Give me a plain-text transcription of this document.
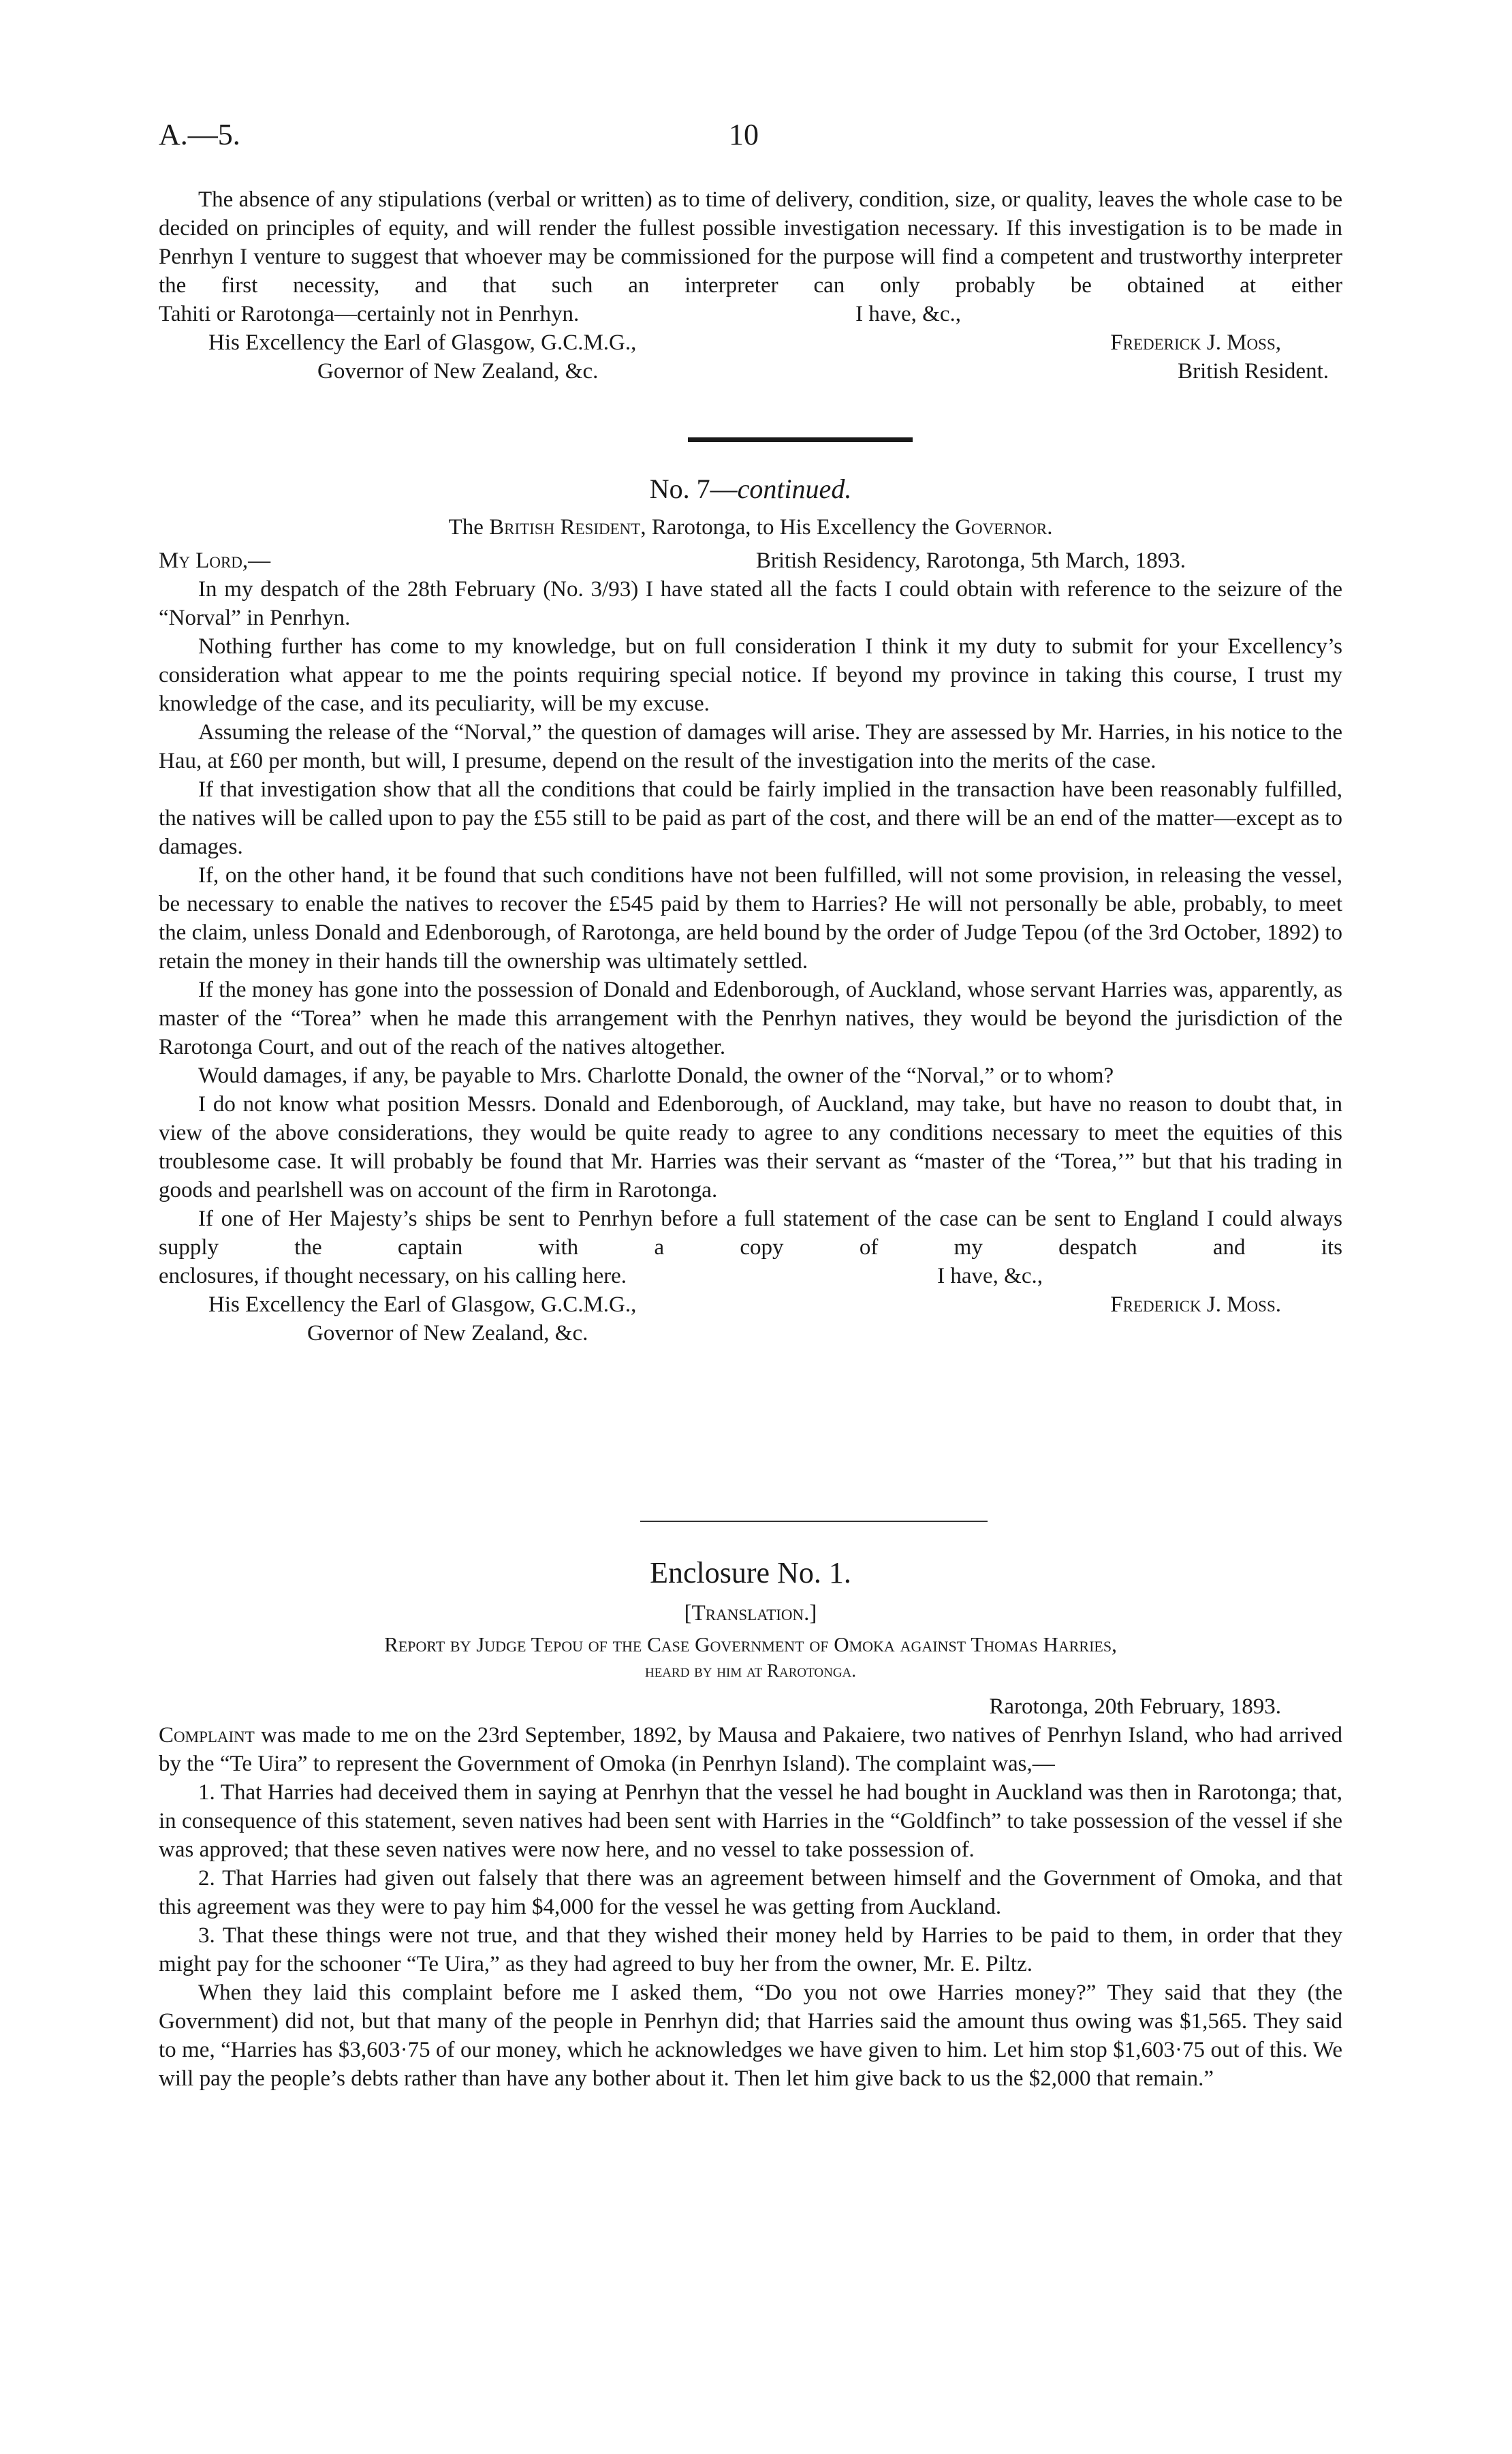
A.—5.	10

The absence of any stipulations (verbal or written) as to time of delivery, condition, size, or quality, leaves the whole case to be decided on principles of equity, and will render the fullest possible investigation necessary. If this investigation is to be made in Penrhyn I venture to suggest that whoever may be commissioned for the purpose will find a competent and trustworthy interpreter the first necessity, and that such an interpreter can only probably be obtained at either

Tahiti or Rarotonga—certainly not in Penrhyn.	I have, &c.,
His Excellency the Earl of Glasgow, G.C.M.G.,	Frederick J. Moss,
Governor of New Zealand, &c.	British Resident.
No. 7—continued.
The British Resident, Rarotonga, to His Excellency the Governor.
My Lord,—	British Residency, Rarotonga, 5th March, 1893.

In my despatch of the 28th February (No. 3/93) I have stated all the facts I could obtain with reference to the seizure of the “Norval” in Penrhyn.

Nothing further has come to my knowledge, but on full consideration I think it my duty to submit for your Excellency’s consideration what appear to me the points requiring special notice. If beyond my province in taking this course, I trust my knowledge of the case, and its peculiarity, will be my excuse.

Assuming the release of the “Norval,” the question of damages will arise. They are assessed by Mr. Harries, in his notice to the Hau, at £60 per month, but will, I presume, depend on the result of the investigation into the merits of the case.

If that investigation show that all the conditions that could be fairly implied in the transaction have been reasonably fulfilled, the natives will be called upon to pay the £55 still to be paid as part of the cost, and there will be an end of the matter—except as to damages.

If, on the other hand, it be found that such conditions have not been fulfilled, will not some provision, in releasing the vessel, be necessary to enable the natives to recover the £545 paid by them to Harries? He will not personally be able, probably, to meet the claim, unless Donald and Edenborough, of Rarotonga, are held bound by the order of Judge Tepou (of the 3rd October, 1892) to retain the money in their hands till the ownership was ultimately settled.

If the money has gone into the possession of Donald and Edenborough, of Auckland, whose servant Harries was, apparently, as master of the “Torea” when he made this arrangement with the Penrhyn natives, they would be beyond the jurisdiction of the Rarotonga Court, and out of the reach of the natives altogether.

Would damages, if any, be payable to Mrs. Charlotte Donald, the owner of the “Norval,” or to whom?

I do not know what position Messrs. Donald and Edenborough, of Auckland, may take, but have no reason to doubt that, in view of the above considerations, they would be quite ready to agree to any conditions necessary to meet the equities of this troublesome case. It will probably be found that Mr. Harries was their servant as “master of the ‘Torea,’” but that his trading in goods and pearlshell was on account of the firm in Rarotonga.

If one of Her Majesty’s ships be sent to Penrhyn before a full statement of the case can be sent to England I could always supply the captain with a copy of my despatch and its

enclosures, if thought necessary, on his calling here.	I have, &c.,
His Excellency the Earl of Glasgow, G.C.M.G.,	Frederick J. Moss.
Governor of New Zealand, &c.
Enclosure No. 1.
[Translation.]
Report by Judge Tepou of the Case Government of Omoka against Thomas Harries,
heard by him at Rarotonga.
Rarotonga, 20th February, 1893.

Complaint was made to me on the 23rd September, 1892, by Mausa and Pakaiere, two natives of Penrhyn Island, who had arrived by the “Te Uira” to represent the Government of Omoka (in Penrhyn Island). The complaint was,—

1. That Harries had deceived them in saying at Penrhyn that the vessel he had bought in Auckland was then in Rarotonga; that, in consequence of this statement, seven natives had been sent with Harries in the “Goldfinch” to take possession of the vessel if she was approved; that these seven natives were now here, and no vessel to take possession of.

2. That Harries had given out falsely that there was an agreement between himself and the Government of Omoka, and that this agreement was they were to pay him $4,000 for the vessel he was getting from Auckland.

3. That these things were not true, and that they wished their money held by Harries to be paid to them, in order that they might pay for the schooner “Te Uira,” as they had agreed to buy her from the owner, Mr. E. Piltz.

When they laid this complaint before me I asked them, “Do you not owe Harries money?” They said that they (the Government) did not, but that many of the people in Penrhyn did; that Harries said the amount thus owing was $1,565. They said to me, “Harries has $3,603·75 of our money, which he acknowledges we have given to him. Let him stop $1,603·75 out of this. We will pay the people’s debts rather than have any bother about it. Then let him give back to us the $2,000 that remain.”
